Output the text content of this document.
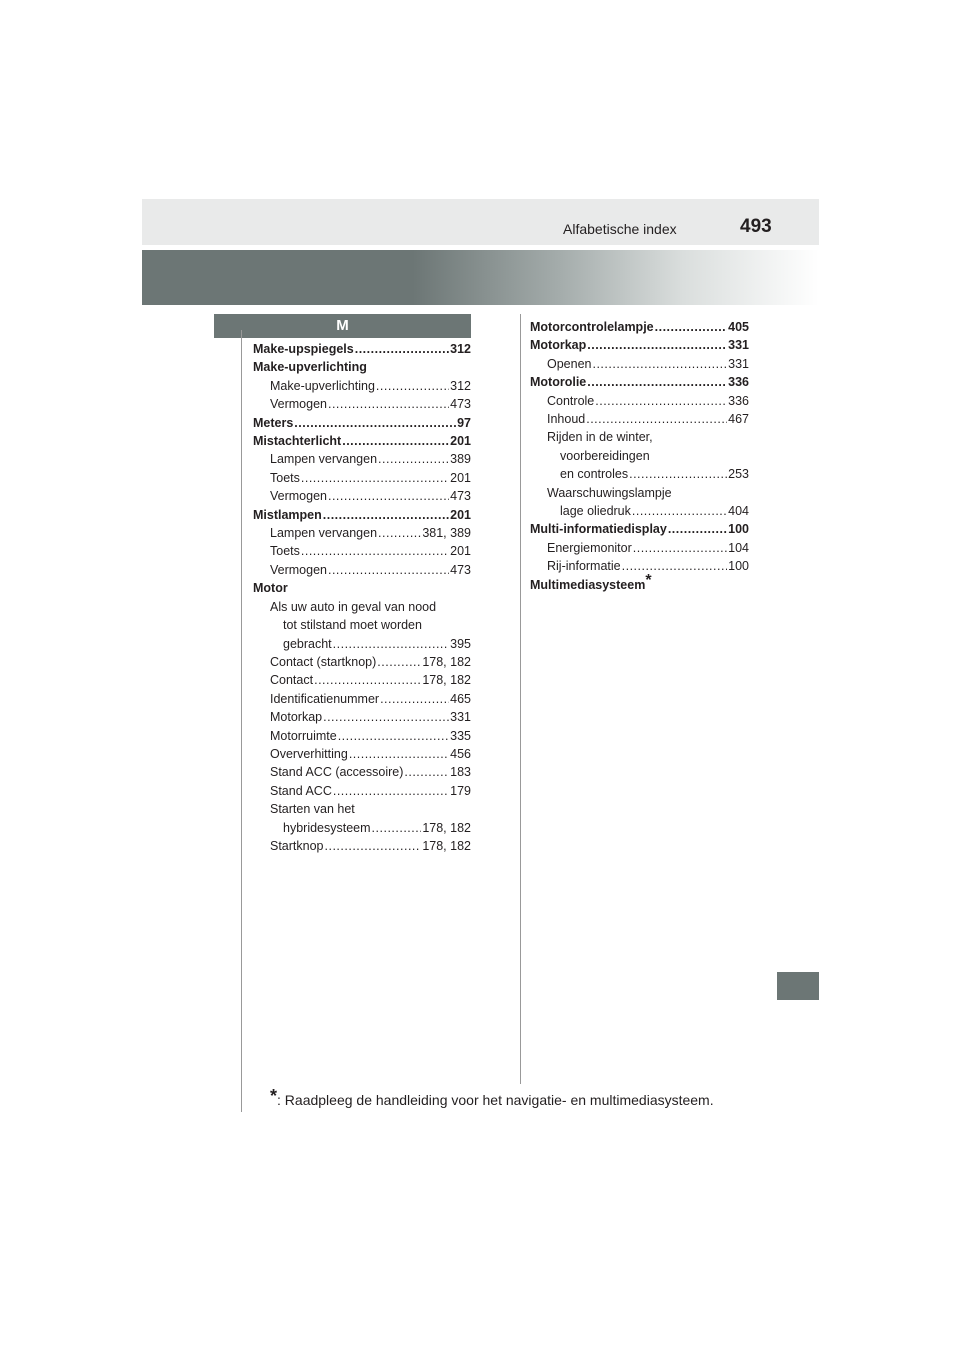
Alfabetische index	493
M
Make-upspiegels .....	312
Make-upverlichting
Make-upverlichting .....	312
Vermogen .....	473
Meters .....	97
Mistachterlicht .....	201
Lampen vervangen .....	389
Toets .....	201
Vermogen .....	473
Mistlampen .....	201
Lampen vervangen .....	381, 389
Toets .....	201
Vermogen .....	473
Motor
Als uw auto in geval van nood
tot stilstand moet worden
gebracht .....	395
Contact (startknop) .....	178, 182
Contact .....	178, 182
Identificatienummer .....	465
Motorkap .....	331
Motorruimte .....	335
Oververhitting .....	456
Stand ACC (accessoire) .....	183
Stand ACC .....	179
Starten van het
hybridesysteem .....	178, 182
Startknop .....	178, 182
Motorcontrolelampje .....	405
Motorkap .....	331
Openen .....	331
Motorolie .....	336
Controle .....	336
Inhoud .....	467
Rijden in de winter,
voorbereidingen
en controles .....	253
Waarschuwingslampje
lage oliedruk .....	404
Multi-informatiedisplay .....	100
Energiemonitor .....	104
Rij-informatie .....	100
Multimediasysteem*
*: Raadpleeg de handleiding voor het navigatie- en multimediasysteem.
